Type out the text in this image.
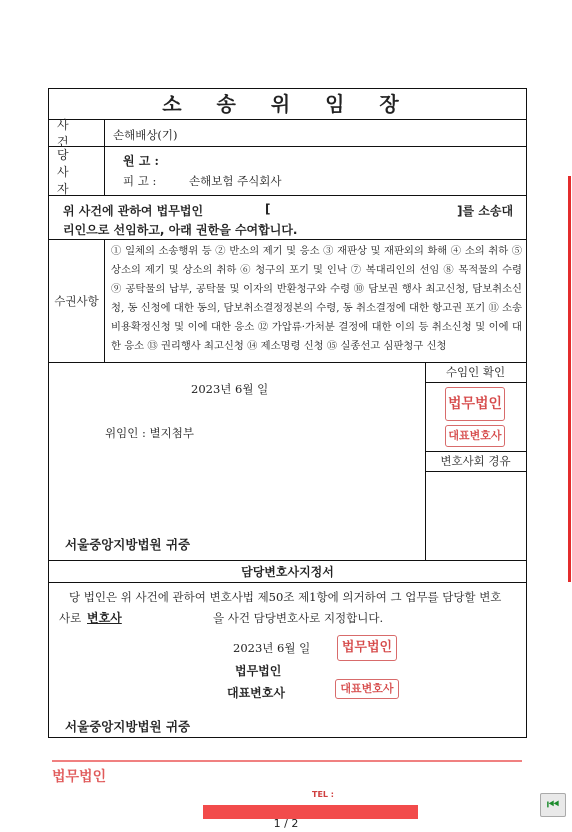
소 송 위 임 장
사 건	손해배상(기)
당 사 자
원 고 :
피 고 :	손해보험 주식회사
위 사건에 관하여 법무법인	[	]를 소송대
리인으로 선임하고, 아래 권한을 수여합니다.
수권사항
① 일체의 소송행위 등 ② 반소의 제기 및 응소 ③ 재판상 및 재판외의 화해 ④ 소의 취하 ⑤ 상소의 제기 및 상소의 취하 ⑥ 청구의 포기 및 인낙 ⑦ 복대리인의 선임 ⑧ 목적물의 수령 ⑨ 공탁물의 납부, 공탁물 및 이자의 반환청구와 수령 ⑩ 담보권 행사 최고신청, 담보취소신청, 동 신청에 대한 동의, 담보취소결정정본의 수령, 동 취소결정에 대한 항고권 포기 ⑪ 소송비용확정신청 및 이에 대한 응소 ⑫ 가압류·가처분 결정에 대한 이의 등 취소신청 및 이에 대한 응소 ⑬ 권리행사 최고신청 ⑭ 제소명령 신청 ⑮ 실종선고 심판청구 신청
2023년 6월 일
위임인 : 별지첨부
서울중앙지방법원 귀중
수임인 확인
법무법인
대표변호사
변호사회 경유
담당변호사지정서
당 법인은 위 사건에 관하여 변호사법 제50조 제1항에 의거하여 그 업무를 담당할 변호
사로 변호사	을 사건 담당변호사로 지정합니다.
2023년 6월 일
법무법인
대표변호사
법무법인
대표변호사
서울중앙지방법원 귀중
법무법인
TEL :
⏮
1 / 2
